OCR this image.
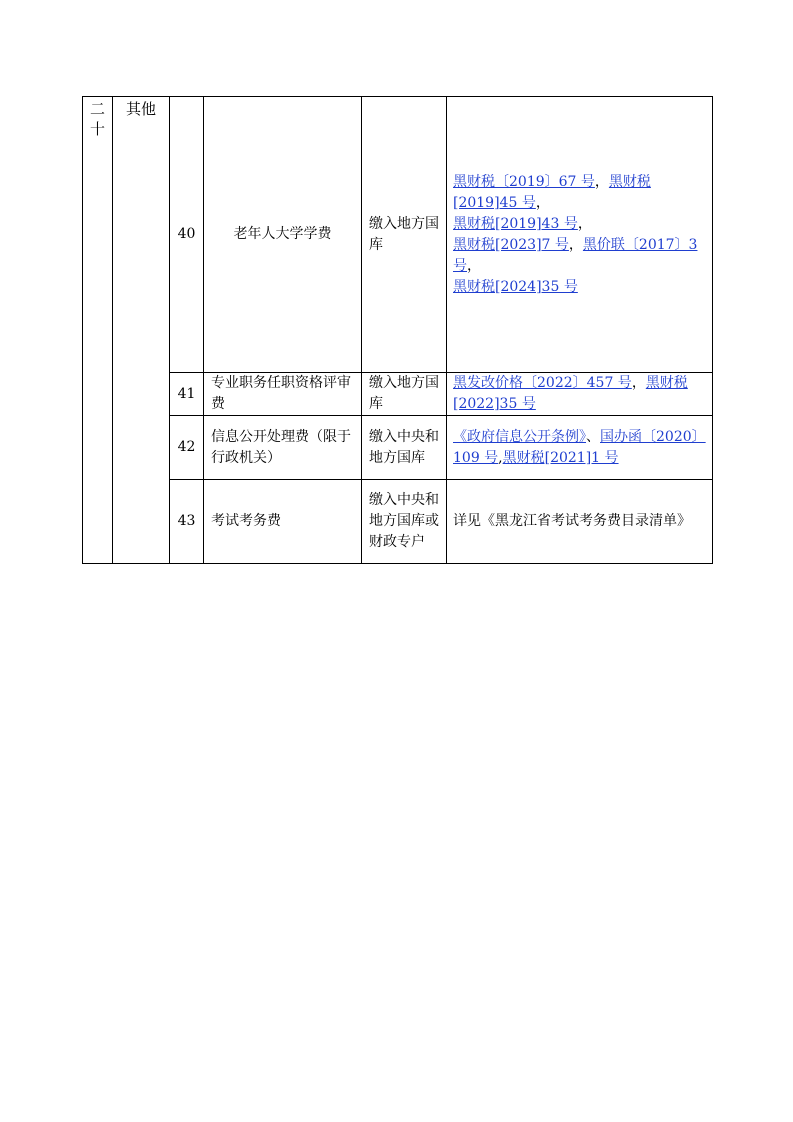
二十	其他	40	老年人大学学费	缴入地方国库	黑财税〔2019〕67 号，黑财税[2019]45 号，
黑财税[2019]43 号，
黑财税[2023]7 号，黑价联〔2017〕3 号，
黑财税[2024]35 号
		41	专业职务任职资格评审费	缴入地方国库	黑发改价格〔2022〕457 号，黑财税[2022]35 号
		42	信息公开处理费（限于行政机关）	缴入中央和地方国库	《政府信息公开条例》、国办函〔2020〕109 号,黑财税[2021]1 号
		43	考试考务费	缴入中央和地方国库或财政专户	详见《黑龙江省考试考务费目录清单》
